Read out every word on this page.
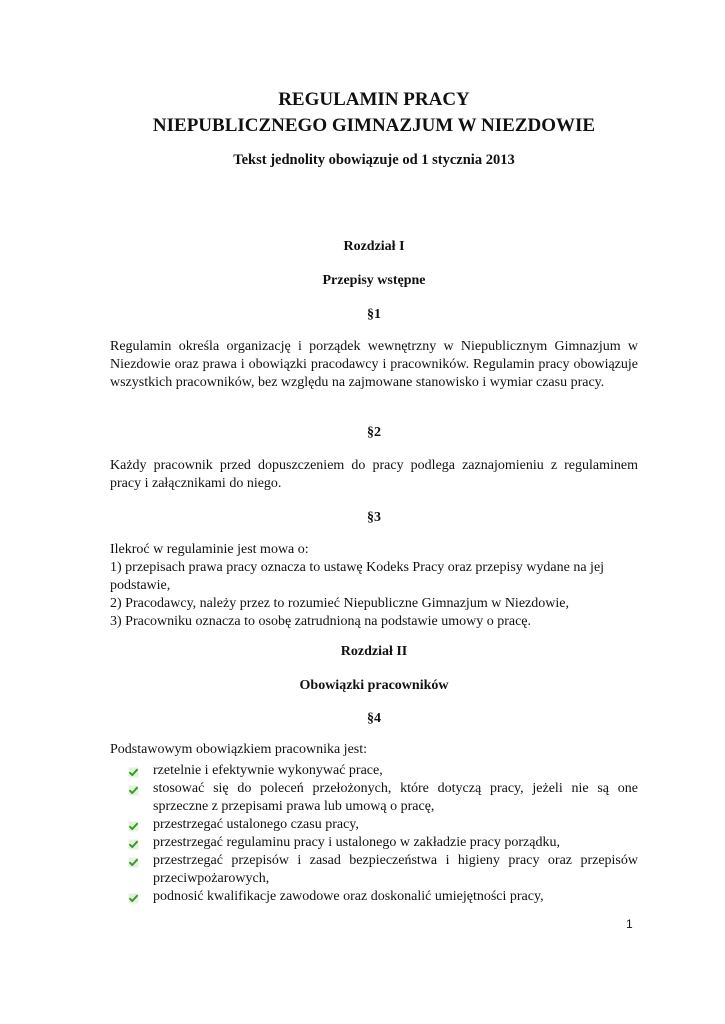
REGULAMIN PRACY

NIEPUBLICZNEGO GIMNAZJUM W NIEZDOWIE

Tekst jednolity obowiązuje od 1 stycznia 2013

Rozdział I

Przepisy wstępne

§1

Regulamin określa organizację i porządek wewnętrzny w Niepublicznym Gimnazjum w Niezdowie oraz prawa i obowiązki pracodawcy i pracowników. Regulamin pracy obowiązuje wszystkich pracowników, bez względu na zajmowane stanowisko i wymiar czasu pracy.

§2

Każdy pracownik przed dopuszczeniem do pracy podlega zaznajomieniu z regulaminem pracy i załącznikami do niego.

§3

Ilekroć w regulaminie jest mowa o:
1) przepisach prawa pracy oznacza to ustawę Kodeks Pracy oraz przepisy wydane na jej podstawie,
2) Pracodawcy, należy przez to rozumieć Niepubliczne Gimnazjum w Niezdowie,
3) Pracowniku oznacza to osobę zatrudnioną na podstawie umowy o pracę.

Rozdział II

Obowiązki pracowników

§4

Podstawowym obowiązkiem pracownika jest:

rzetelnie i efektywnie wykonywać prace,
stosować się do poleceń przełożonych, które dotyczą pracy, jeżeli nie są one sprzeczne z przepisami prawa lub umową o pracę,
przestrzegać ustalonego czasu pracy,
przestrzegać regulaminu pracy i ustalonego w zakładzie pracy porządku,
przestrzegać przepisów i zasad bezpieczeństwa i higieny pracy oraz przepisów przeciwpożarowych,
podnosić kwalifikacje zawodowe oraz doskonalić umiejętności pracy,

1
